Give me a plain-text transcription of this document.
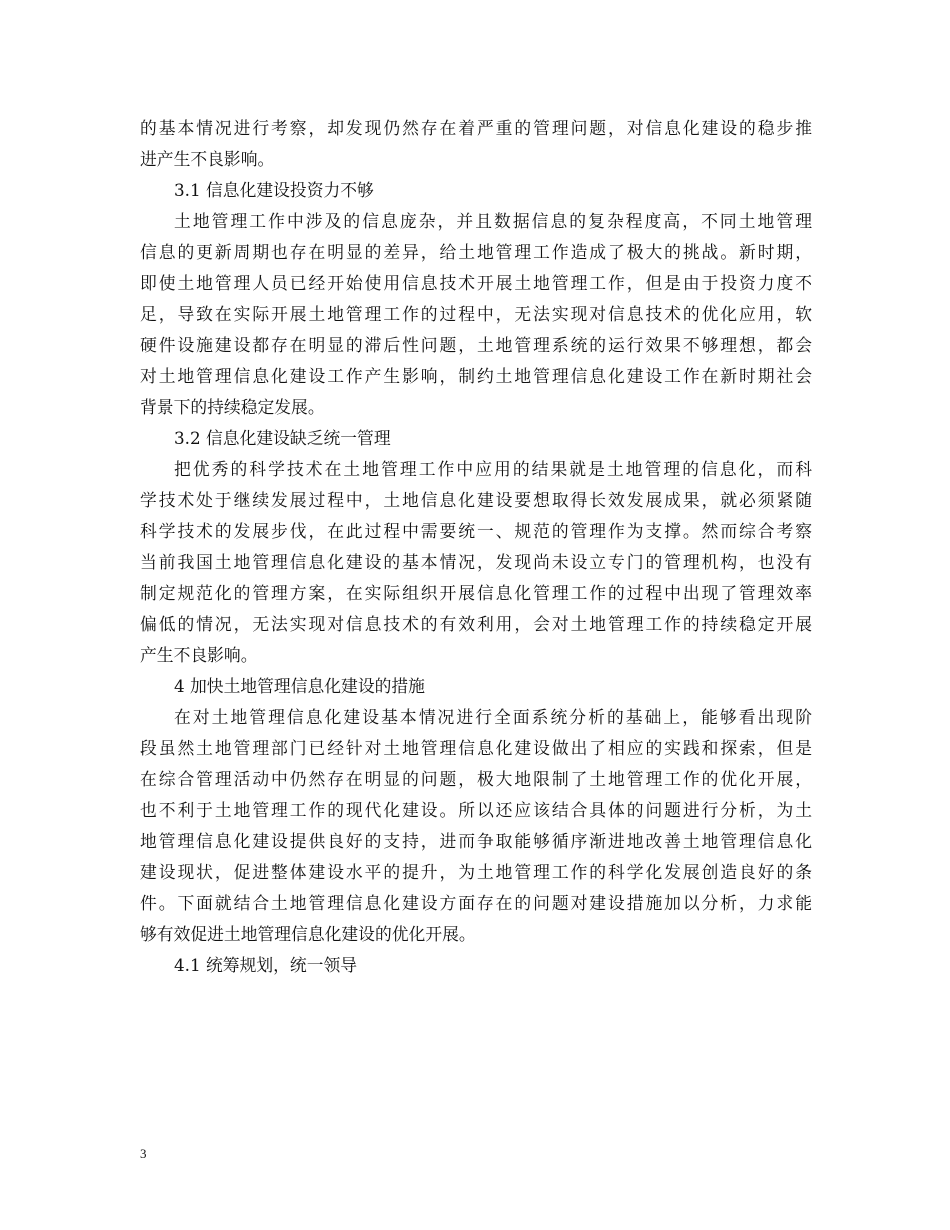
的基本情况进行考察，却发现仍然存在着严重的管理问题，对信息化建设的稳步推
进产生不良影响。
3.1 信息化建设投资力不够
土地管理工作中涉及的信息庞杂，并且数据信息的复杂程度高，不同土地管理
信息的更新周期也存在明显的差异，给土地管理工作造成了极大的挑战。新时期，
即使土地管理人员已经开始使用信息技术开展土地管理工作，但是由于投资力度不
足，导致在实际开展土地管理工作的过程中，无法实现对信息技术的优化应用，软
硬件设施建设都存在明显的滞后性问题，土地管理系统的运行效果不够理想，都会
对土地管理信息化建设工作产生影响，制约土地管理信息化建设工作在新时期社会
背景下的持续稳定发展。
3.2 信息化建设缺乏统一管理
把优秀的科学技术在土地管理工作中应用的结果就是土地管理的信息化，而科
学技术处于继续发展过程中，土地信息化建设要想取得长效发展成果，就必须紧随
科学技术的发展步伐，在此过程中需要统一、规范的管理作为支撑。然而综合考察
当前我国土地管理信息化建设的基本情况，发现尚未设立专门的管理机构，也没有
制定规范化的管理方案，在实际组织开展信息化管理工作的过程中出现了管理效率
偏低的情况，无法实现对信息技术的有效利用，会对土地管理工作的持续稳定开展
产生不良影响。
4 加快土地管理信息化建设的措施
在对土地管理信息化建设基本情况进行全面系统分析的基础上，能够看出现阶
段虽然土地管理部门已经针对土地管理信息化建设做出了相应的实践和探索，但是
在综合管理活动中仍然存在明显的问题，极大地限制了土地管理工作的优化开展，
也不利于土地管理工作的现代化建设。所以还应该结合具体的问题进行分析，为土
地管理信息化建设提供良好的支持，进而争取能够循序渐进地改善土地管理信息化
建设现状，促进整体建设水平的提升，为土地管理工作的科学化发展创造良好的条
件。下面就结合土地管理信息化建设方面存在的问题对建设措施加以分析，力求能
够有效促进土地管理信息化建设的优化开展。
4.1 统筹规划，统一领导
3
